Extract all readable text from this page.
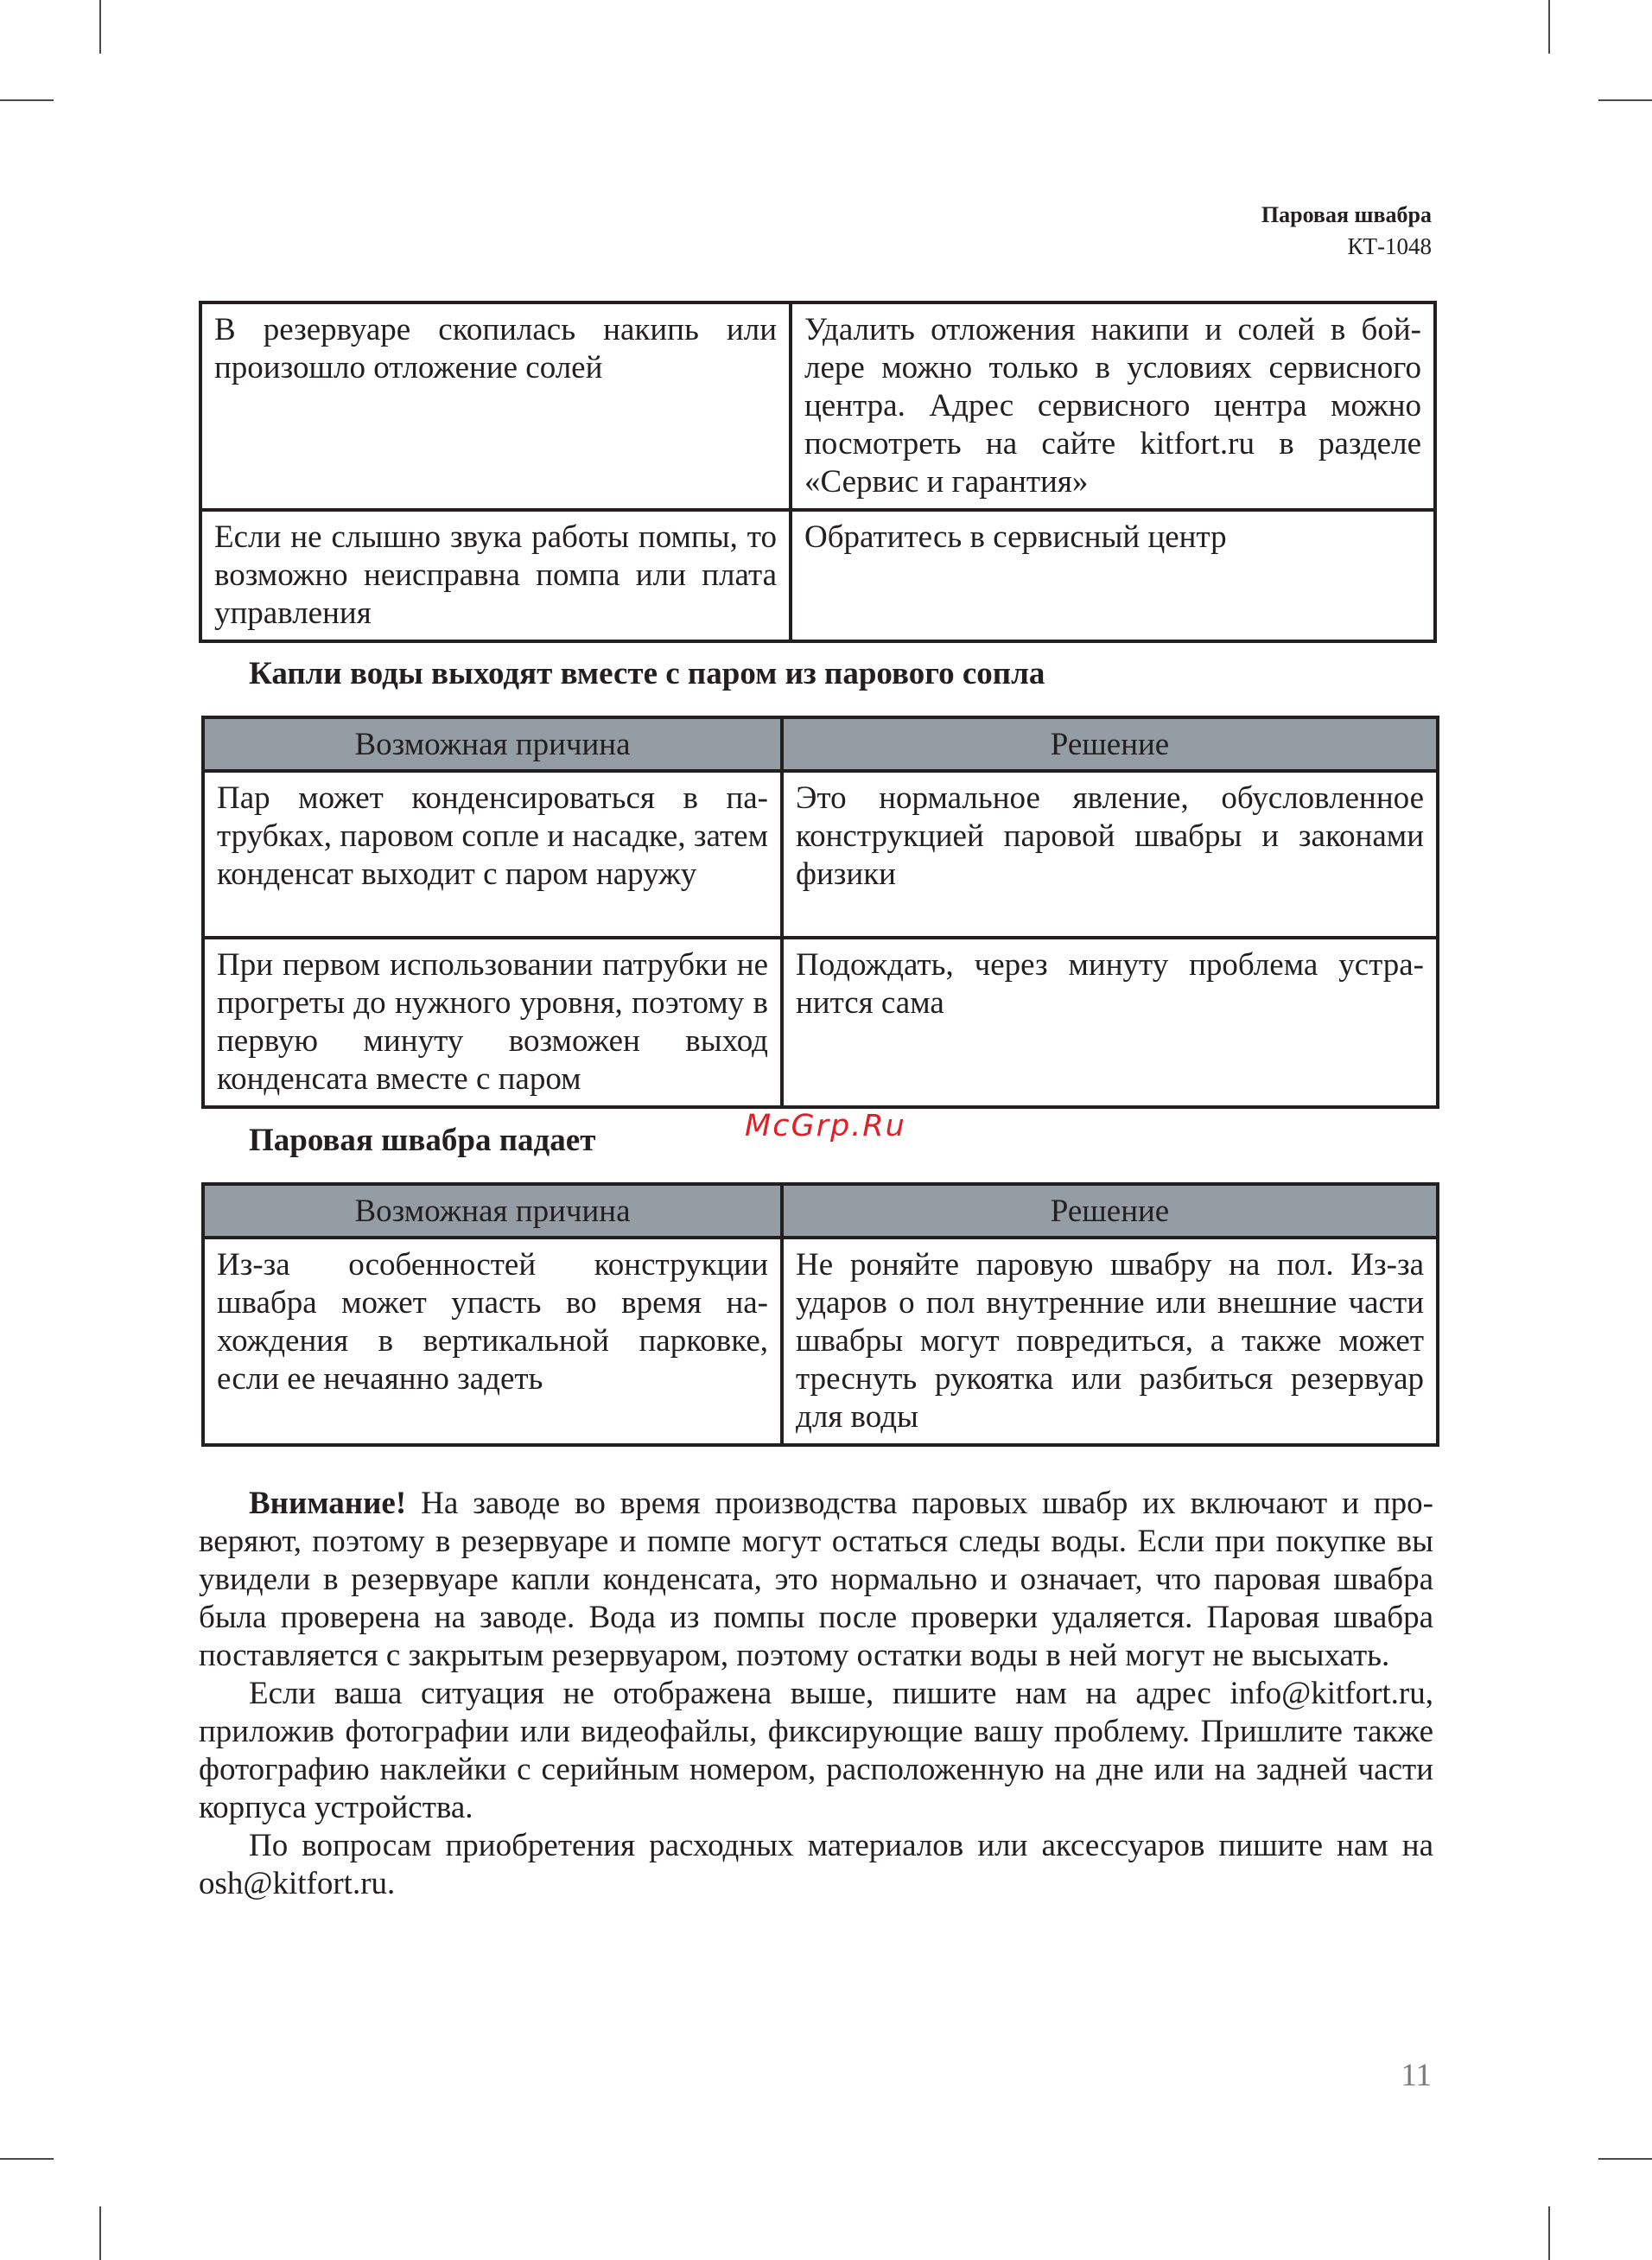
Паровая швабра
КТ-1048
В резервуаре скопилась накипь или произошло отложение солей	Удалить отложения накипи и солей в бойлере можно только в условиях сервисного центра. Адрес сервисного центра можно посмотреть на сайте kitfort.ru в разделе «Сервис и гарантия»
Если не слышно звука работы помпы, то возможно неисправна помпа или плата управления	Обратитесь в сервисный центр
Капли воды выходят вместе с паром из парового сопла
Возможная причина	Решение
Пар может конденсироваться в патрубках, паровом сопле и насадке, затем конденсат выходит с паром наружу	Это нормальное явление, обусловленное конструкцией паровой швабры и законами физики
При первом использовании патрубки не прогреты до нужного уровня, поэтому в первую минуту возможен выход конденсата вместе с паром	Подождать, через минуту проблема устранится сама
McGrp.Ru
Паровая швабра падает
Возможная причина	Решение
Из-за особенностей конструкции швабра может упасть во время нахождения в вертикальной парковке, если ее нечаянно задеть	Не роняйте паровую швабру на пол. Из-за ударов о пол внутренние или внешние части швабры могут повредиться, а также может треснуть рукоятка или разбиться резервуар для воды

Внимание! На заводе во время производства паровых швабр их включают и проверяют, поэтому в резервуаре и помпе могут остаться следы воды. Если при покупке вы увидели в резервуаре капли конденсата, это нормально и означает, что паровая швабра была проверена на заводе. Вода из помпы после проверки удаляется. Паровая швабра поставляется с закрытым резервуаром, поэтому остатки воды в ней могут не высыхать.

Если ваша ситуация не отображена выше, пишите нам на адрес info@kitfort.ru, приложив фотографии или видеофайлы, фиксирующие вашу проблему. Пришлите также фотографию наклейки с серийным номером, расположенную на дне или на задней части корпуса устройства.

По вопросам приобретения расходных материалов или аксессуаров пишите нам на osh@kitfort.ru.

11
